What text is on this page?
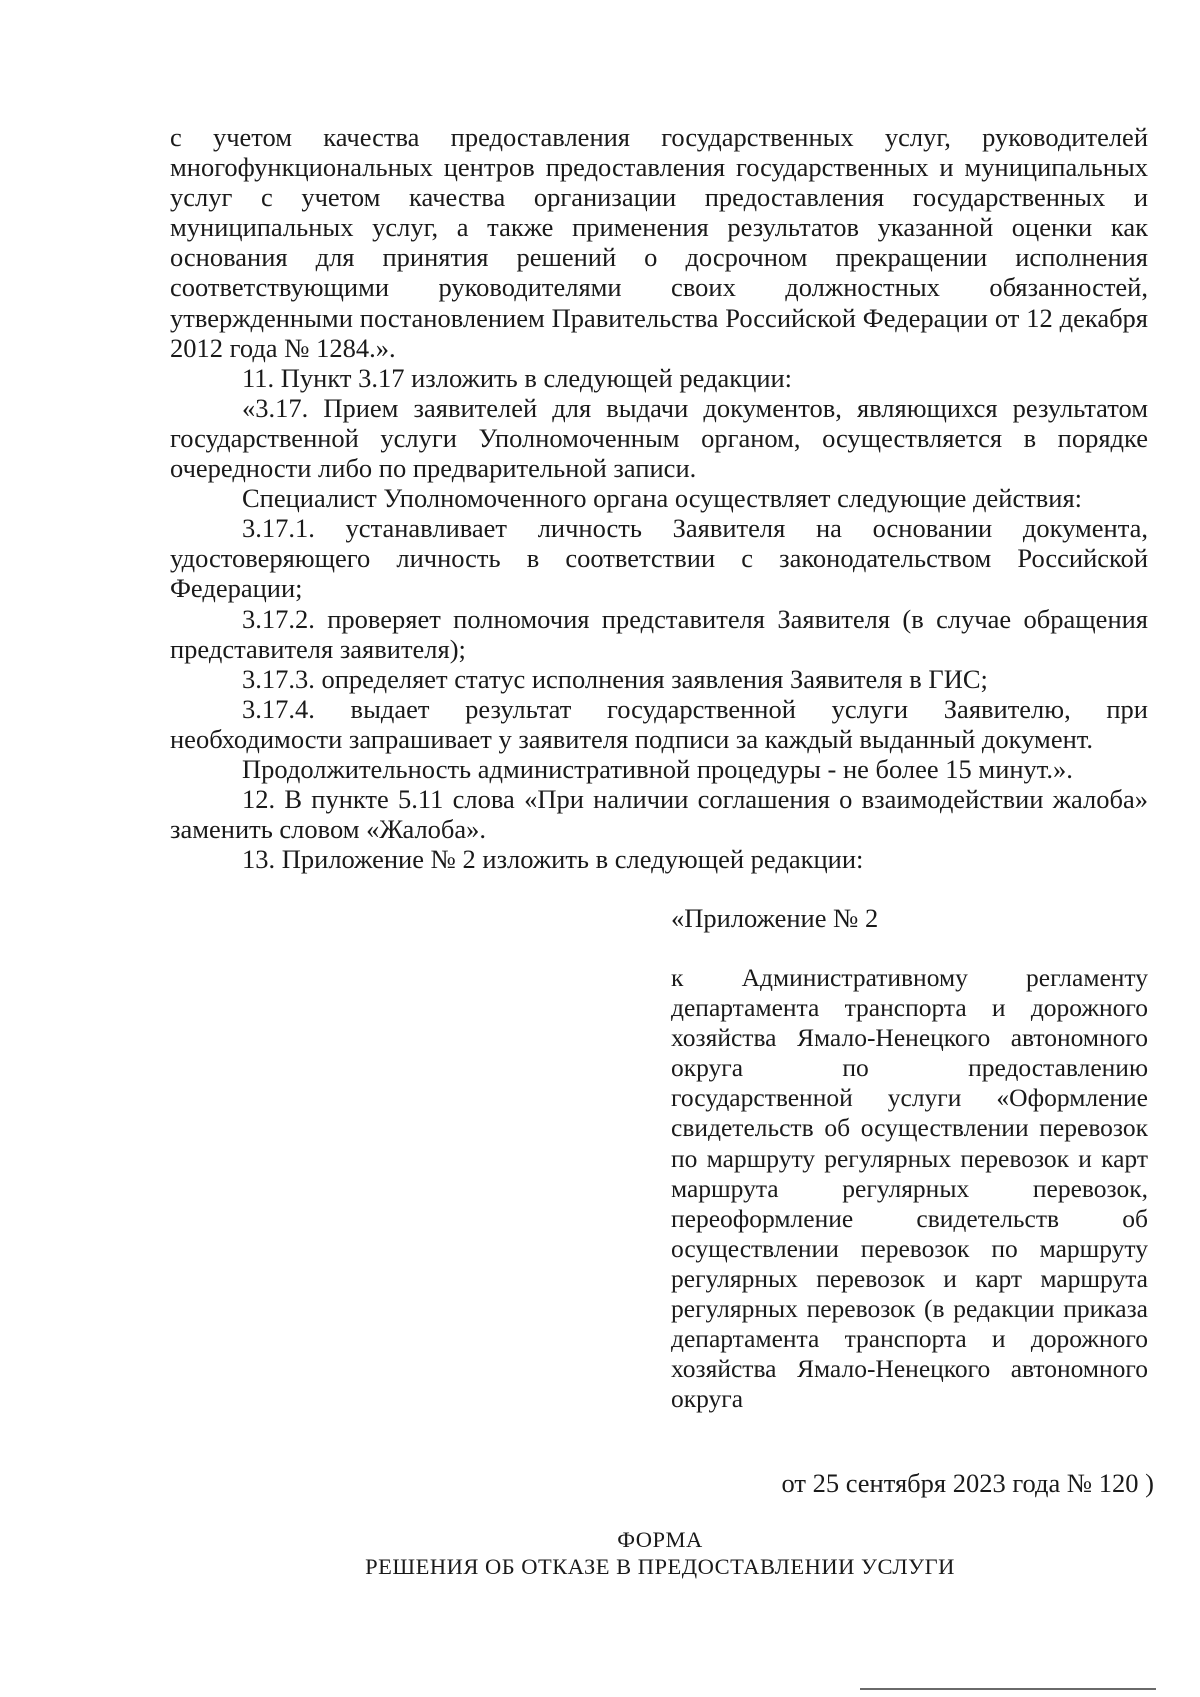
с учетом качества предоставления государственных услуг, руководителей многофункциональных центров предоставления государственных и муниципальных услуг с учетом качества организации предоставления государственных и муниципальных услуг, а также применения результатов указанной оценки как основания для принятия решений о досрочном прекращении исполнения соответствующими руководителями своих должностных обязанностей, утвержденными постановлением Правительства Российской Федерации от 12 декабря 2012 года № 1284.».

11. Пункт 3.17 изложить в следующей редакции:

«3.17. Прием заявителей для выдачи документов, являющихся результатом государственной услуги Уполномоченным органом, осуществляется в порядке очередности либо по предварительной записи.

Специалист Уполномоченного органа осуществляет следующие действия:

3.17.1. устанавливает личность Заявителя на основании документа, удостоверяющего личность в соответствии с законодательством Российской Федерации;

3.17.2. проверяет полномочия представителя Заявителя (в случае обращения представителя заявителя);

3.17.3. определяет статус исполнения заявления Заявителя в ГИС;

3.17.4. выдает результат государственной услуги Заявителю, при необходимости запрашивает у заявителя подписи за каждый выданный документ.

Продолжительность административной процедуры - не более 15 минут.».

12. В пункте 5.11 слова «При наличии соглашения о взаимодействии жалоба» заменить словом «Жалоба».

13. Приложение № 2 изложить в следующей редакции:

«Приложение № 2
к Административному регламенту департамента транспорта и дорожного хозяйства Ямало-Ненецкого автономного округа по предоставлению государственной услуги «Оформление свидетельств об осуществлении перевозок по маршруту регулярных перевозок и карт маршрута регулярных перевозок, переоформление свидетельств об осуществлении перевозок по маршруту регулярных перевозок и карт маршрута регулярных перевозок (в редакции приказа департамента транспорта и дорожного хозяйства Ямало-Ненецкого автономного округа
от 25 сентября 2023 года № 120 )
ФОРМА
РЕШЕНИЯ ОБ ОТКАЗЕ В ПРЕДОСТАВЛЕНИИ УСЛУГИ
